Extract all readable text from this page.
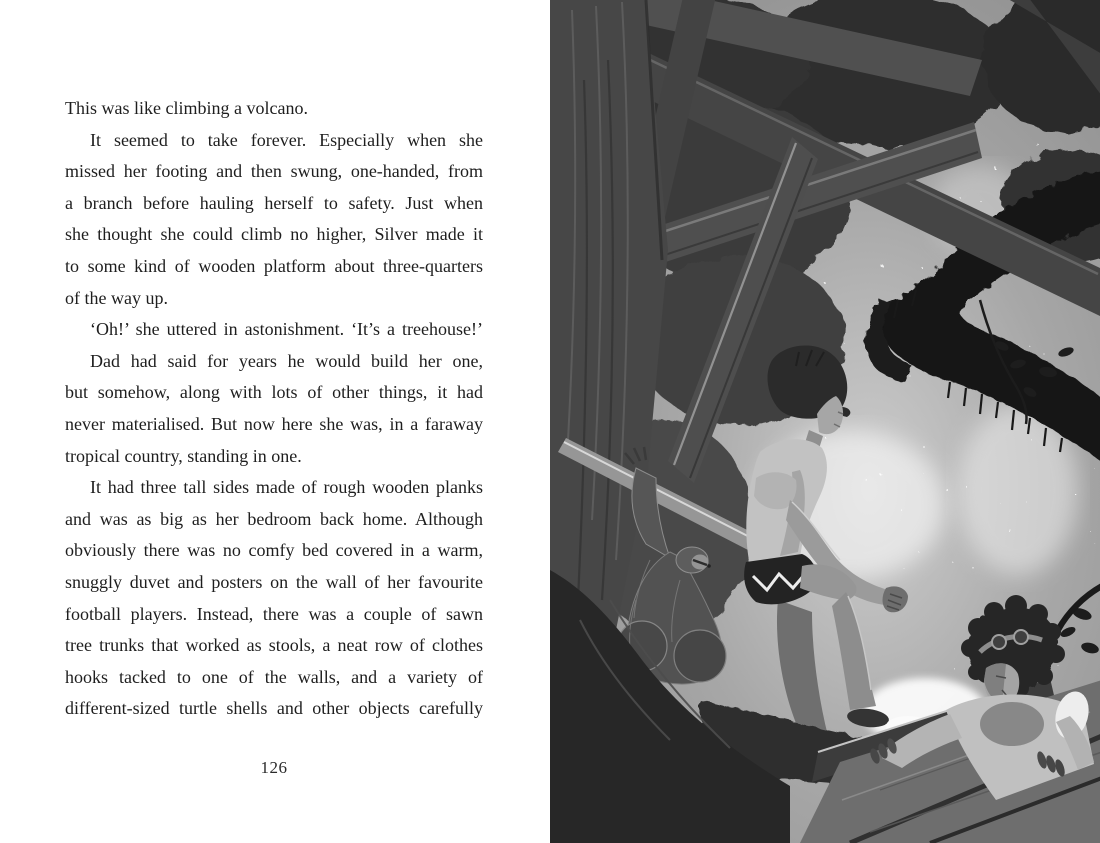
This was like climbing a volcano.
It seemed to take forever. Especially when she
missed her footing and then swung, one-handed, from
a branch before hauling herself to safety. Just when
she thought she could climb no higher, Silver made it
to some kind of wooden platform about three-quarters
of the way up.
‘Oh!’ she uttered in astonishment. ‘It’s a treehouse!’
Dad had said for years he would build her one,
but somehow, along with lots of other things, it had
never materialised. But now here she was, in a faraway
tropical country, standing in one.
It had three tall sides made of rough wooden planks
and was as big as her bedroom back home. Although
obviously there was no comfy bed covered in a warm,
snuggly duvet and posters on the wall of her favourite
football players. Instead, there was a couple of sawn
tree trunks that worked as stools, a neat row of clothes
hooks tacked to one of the walls, and a variety of
different-sized turtle shells and other objects carefully
126
